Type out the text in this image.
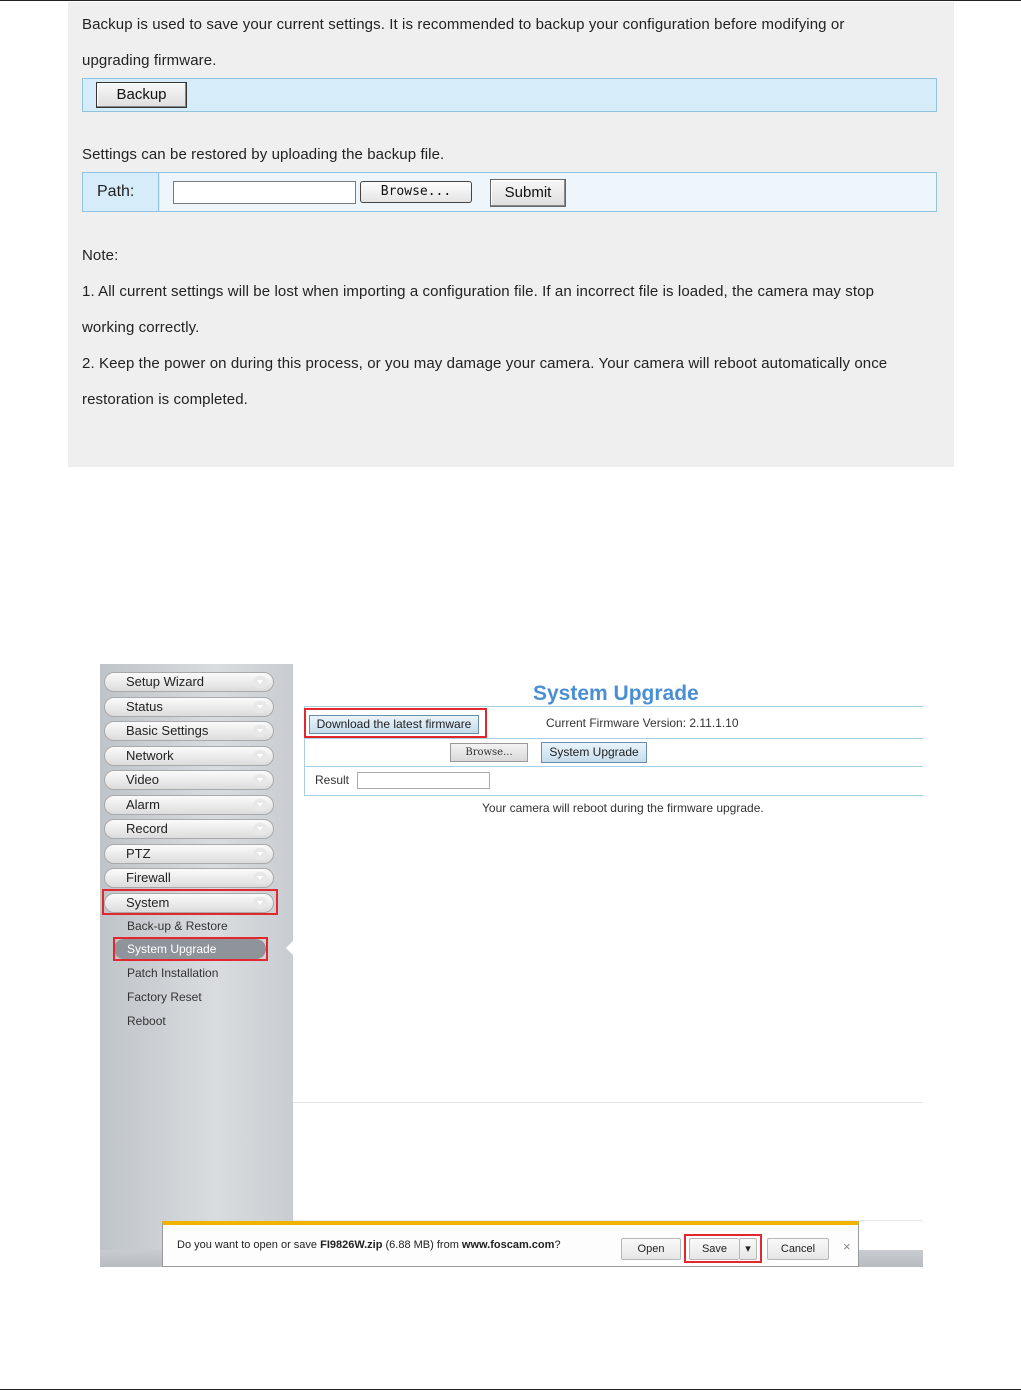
Backup is used to save your current settings. It is recommended to backup your configuration before modifying or
upgrading firmware.
Backup
Settings can be restored by uploading the backup file.
Path:	Browse...	Submit
Note:
1. All current settings will be lost when importing a configuration file. If an incorrect file is loaded, the camera may stop
working correctly.
2. Keep the power on during this process, or you may damage your camera. Your camera will reboot automatically once
restoration is completed.
Setup Wizard
Status
Basic Settings
Network
Video
Alarm
Record
PTZ
Firewall
System
Back-up & Restore
System Upgrade
Patch Installation
Factory Reset
Reboot
System Upgrade
Download the latest firmware	Current Firmware Version: 2.11.1.10
Browse...	System Upgrade
Result
Your camera will reboot during the firmware upgrade.
Do you want to open or save FI9826W.zip (6.88 MB) from www.foscam.com?	Open	Save	▾	Cancel	×
